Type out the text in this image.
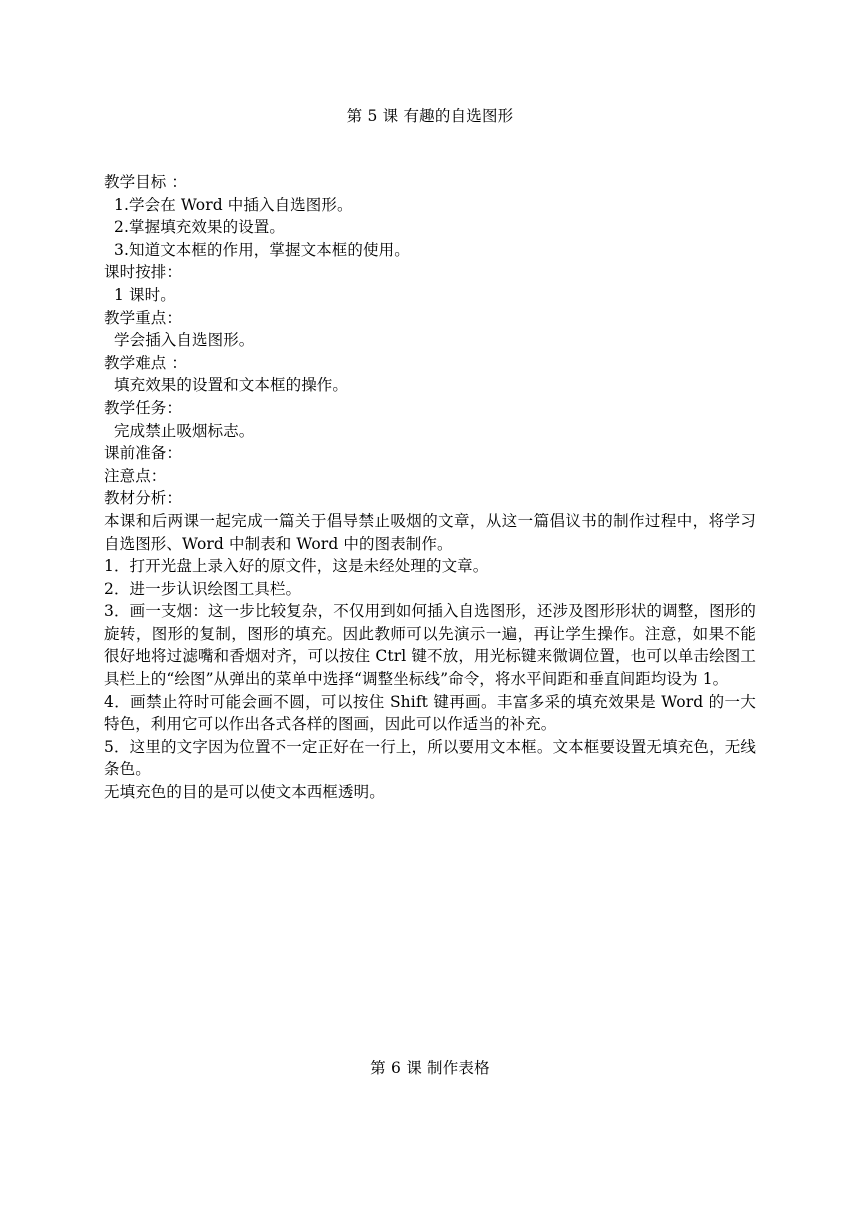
第 5 课 有趣的自选图形
教学目标 ：
1.学会在 Word 中插入自选图形。
2.掌握填充效果的设置。
3.知道文本框的作用，掌握文本框的使用。
课时按排：
1 课时。
教学重点：
学会插入自选图形。
教学难点 ：
填充效果的设置和文本框的操作。
教学任务：
完成禁止吸烟标志。
课前准备：
注意点：
教材分析：
本课和后两课一起完成一篇关于倡导禁止吸烟的文章，从这一篇倡议书的制作过程中，将学习自选图形、Word 中制表和 Word 中的图表制作。
1．打开光盘上录入好的原文件，这是未经处理的文章。
2．进一步认识绘图工具栏。
3．画一支烟：这一步比较复杂，不仅用到如何插入自选图形，还涉及图形形状的调整，图形的旋转，图形的复制，图形的填充。因此教师可以先演示一遍，再让学生操作。注意，如果不能很好地将过滤嘴和香烟对齐，可以按住 Ctrl 键不放，用光标键来微调位置，也可以单击绘图工具栏上的“绘图”从弹出的菜单中选择“调整坐标线”命令，将水平间距和垂直间距均设为 1。
4．画禁止符时可能会画不圆，可以按住 Shift 键再画。丰富多采的填充效果是 Word 的一大特色，利用它可以作出各式各样的图画，因此可以作适当的补充。
5．这里的文字因为位置不一定正好在一行上，所以要用文本框。文本框要设置无填充色，无线条色。
无填充色的目的是可以使文本西框透明。
第 6 课 制作表格
